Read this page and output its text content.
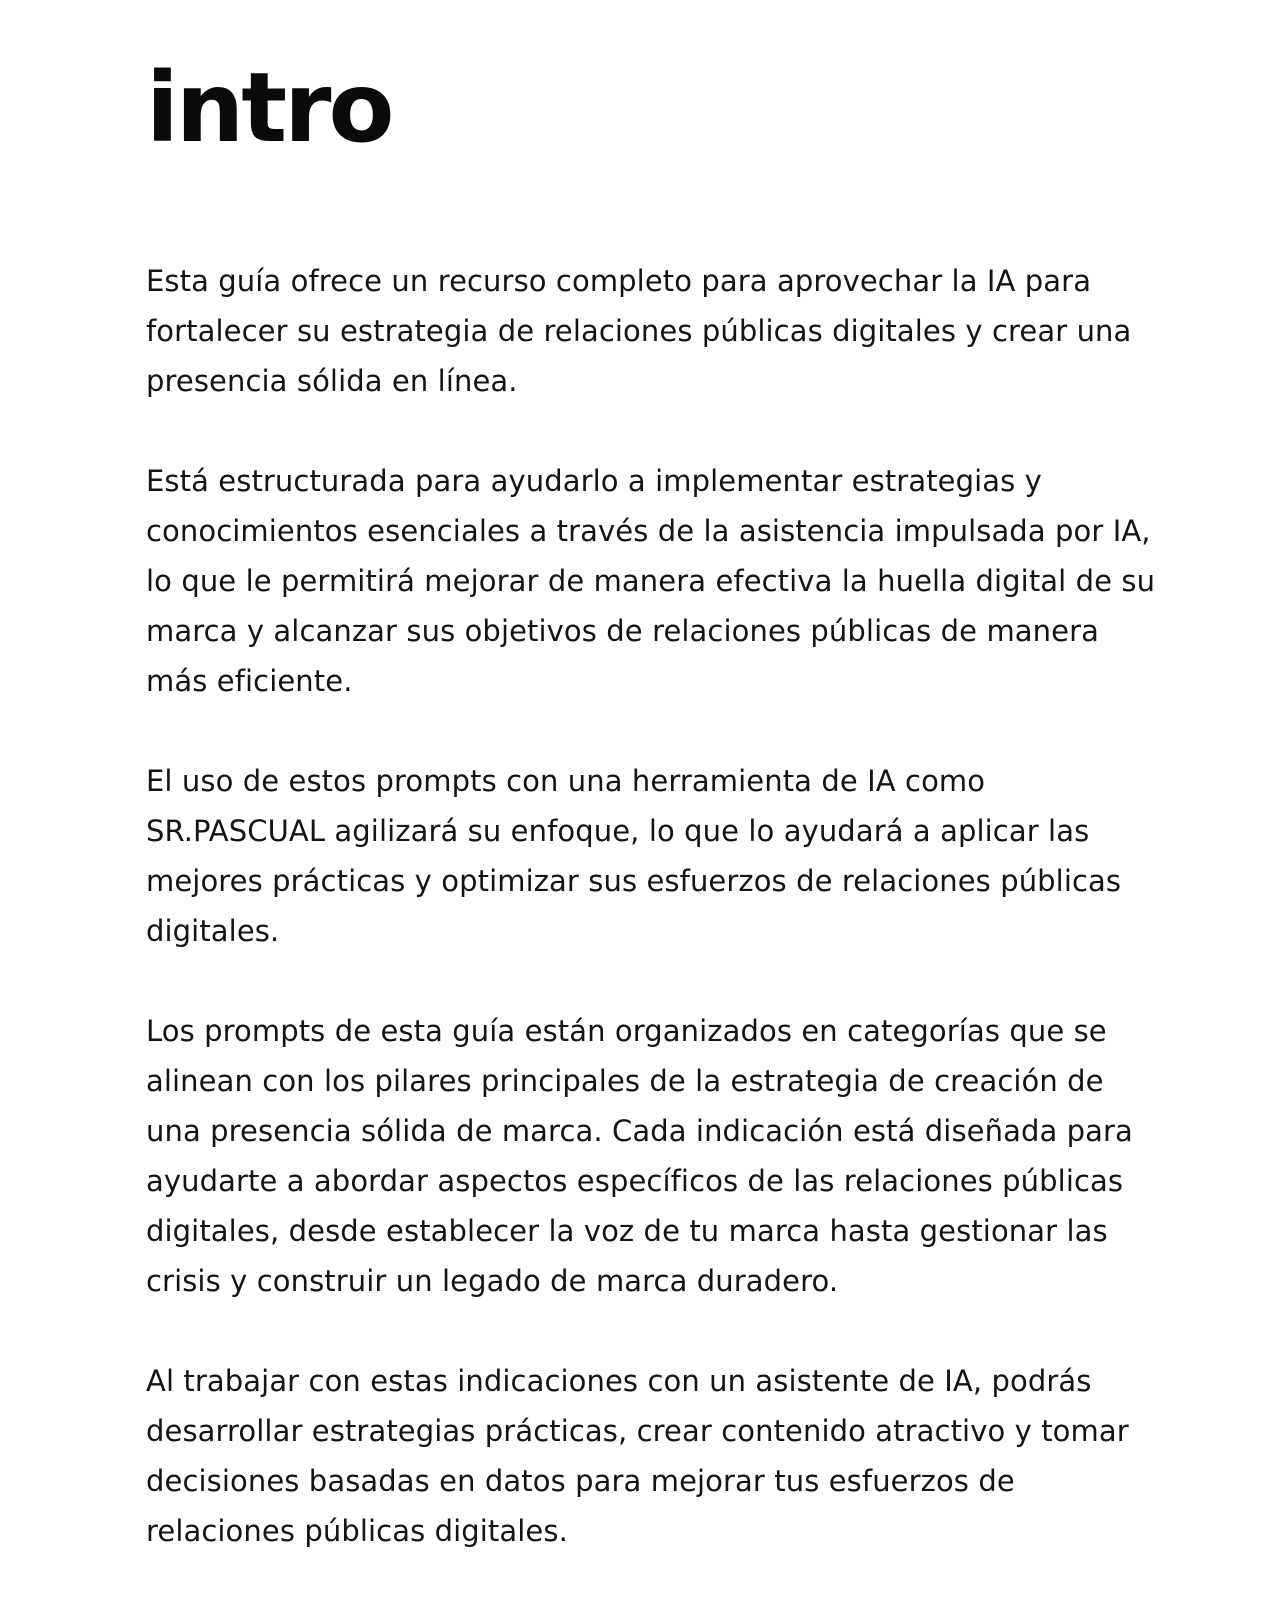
intro

Esta guía ofrece un recurso completo para aprovechar la IA para fortalecer su estrategia de relaciones públicas digitales y crear una presencia sólida en línea.

Está estructurada para ayudarlo a implementar estrategias y conocimientos esenciales a través de la asistencia impulsada por IA, lo que le permitirá mejorar de manera efectiva la huella digital de su marca y alcanzar sus objetivos de relaciones públicas de manera más eficiente.

El uso de estos prompts con una herramienta de IA como SR.PASCUAL agilizará su enfoque, lo que lo ayudará a aplicar las mejores prácticas y optimizar sus esfuerzos de relaciones públicas digitales.

Los prompts de esta guía están organizados en categorías que se alinean con los pilares principales de la estrategia de creación de una presencia sólida de marca. Cada indicación está diseñada para ayudarte a abordar aspectos específicos de las relaciones públicas digitales, desde establecer la voz de tu marca hasta gestionar las crisis y construir un legado de marca duradero.

Al trabajar con estas indicaciones con un asistente de IA, podrás desarrollar estrategias prácticas, crear contenido atractivo y tomar decisiones basadas en datos para mejorar tus esfuerzos de relaciones públicas digitales.
